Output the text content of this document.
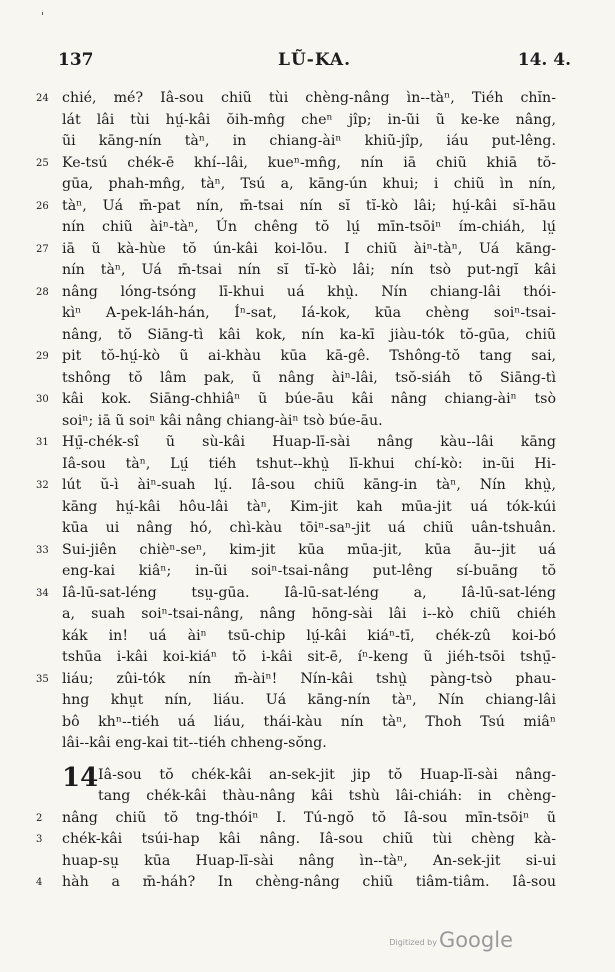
'
137	LŨ-KA.	14. 4.
24 chié, mé? Iâ-sou chiũ tùi chèng-nâng ìn--tàⁿ, Tiéh chĭn-
lát lâi tùi hṳ́-kâi ŏih-mn̂g cheⁿ jîp; in-ũi ũ ke-ke nâng,
ũi kāng-nín tàⁿ, in chiang-àiⁿ khiũ-jîp, iáu put-lêng.
25 Ke-tsú chék-ē khí--lâi, kueⁿ-mn̂g, nín iā chiũ khiā tŏ-
gūa, phah-mn̂g, tàⁿ, Tsú a, kāng-ún khui; i chiũ ìn nín,
26 tàⁿ, Uá m̄-pat nín, m̄-tsai nín sĭ tĭ-kò lâi; hṳ́-kâi sĭ-hāu
nín chiũ àiⁿ-tàⁿ, Ún chêng tŏ lṳ́ mīn-tsōiⁿ ím-chiáh, lṳ́
27 iā ũ kà-hùe tŏ ún-kâi koi-lōu. I chiũ àiⁿ-tàⁿ, Uá kāng-
nín tàⁿ, Uá m̄-tsai nín sĭ tĭ-kò lâi; nín tsò put-ngĭ kâi
28 nâng lóng-tsóng lī-khui uá khṳ̀. Nín chiang-lâi thói-
kìⁿ A-pek-láh-hán, Íⁿ-sat, Iá-kok, kūa chèng soiⁿ-tsai-
nâng, tŏ Siāng-tì kâi kok, nín ka-kī jiàu-tók tŏ-gūa, chiũ
29 pit tŏ-hṳ́-kò ũ ai-khàu kūa kā-gê. Tshông-tŏ tang sai,
tshông tŏ lâm pak, ũ nâng àiⁿ-lâi, tsŏ-siáh tŏ Siāng-tì
30 kâi kok. Siāng-chhiâⁿ ũ búe-āu kâi nâng chiang-àiⁿ tsò
soiⁿ; iā ũ soiⁿ kâi nâng chiang-àiⁿ tsò búe-āu.
31 Hṳ̄-chék-sî ũ sù-kâi Huap-lī-sài nâng kàu--lâi kāng
Iâ-sou tàⁿ, Lṳ́ tiéh tshut--khṳ̀ lī-khui chí-kò: in-ũi Hi-
32 lút ŭ-ì àiⁿ-suah lṳ́. Iâ-sou chiũ kāng-in tàⁿ, Nín khṳ̀,
kāng hṳ́-kâi hôu-lâi tàⁿ, Kim-jit kah mūa-jit uá tók-kúi
kūa ui nâng hó, chì-kàu tōiⁿ-saⁿ-jit uá chiũ uân-tshuân.
33 Sui-jiên chièⁿ-seⁿ, kim-jit kūa mūa-jit, kūa āu--jit uá
eng-kai kiâⁿ; in-ũi soiⁿ-tsai-nâng put-lêng sí-buāng tŏ
34 Iâ-lū-sat-léng tsṳ-gūa. Iâ-lū-sat-léng a, Iâ-lū-sat-léng
a, suah soiⁿ-tsai-nâng, nâng hōng-sài lâi i--kò chiũ chiéh
kák in! uá àiⁿ tsū-chip lṳ́-kâi kiáⁿ-tī, chék-zû koi-bó
tshūa i-kâi koi-kiáⁿ tŏ i-kâi sit-ē, íⁿ-keng ũ jiéh-tsōi tshṳ̄-
35 liáu; zûi-tók nín m̄-àiⁿ! Nín-kâi tshṳ̀ pàng-tsò phau-
hng khṳt nín, liáu. Uá kāng-nín tàⁿ, Nín chiang-lâi
bô khⁿ--tiéh uá liáu, thái-kàu nín tàⁿ, Thoh Tsú miâⁿ
lâi--kâi eng-kai tit--tiéh chheng-sŏng.
Iâ-sou tŏ chék-kâi an-sek-jit jip tŏ Huap-lī-sài nâng-
14
tang chék-kâi thàu-nâng kâi tshù lâi-chiáh: in chèng-
2	nâng chiũ tŏ tng-thóiⁿ I. Tú-ngŏ tŏ Iâ-sou mīn-tsōiⁿ ũ
3	chék-kâi tsúi-hap kâi nâng. Iâ-sou chiũ tùi chèng kà-
huap-sṳ kūa Huap-lī-sài nâng ìn--tàⁿ, An-sek-jit si-ui
4	hàh a m̄-háh? In chèng-nâng chiũ tiâm-tiâm. Iâ-sou
Digitized byGoogle
